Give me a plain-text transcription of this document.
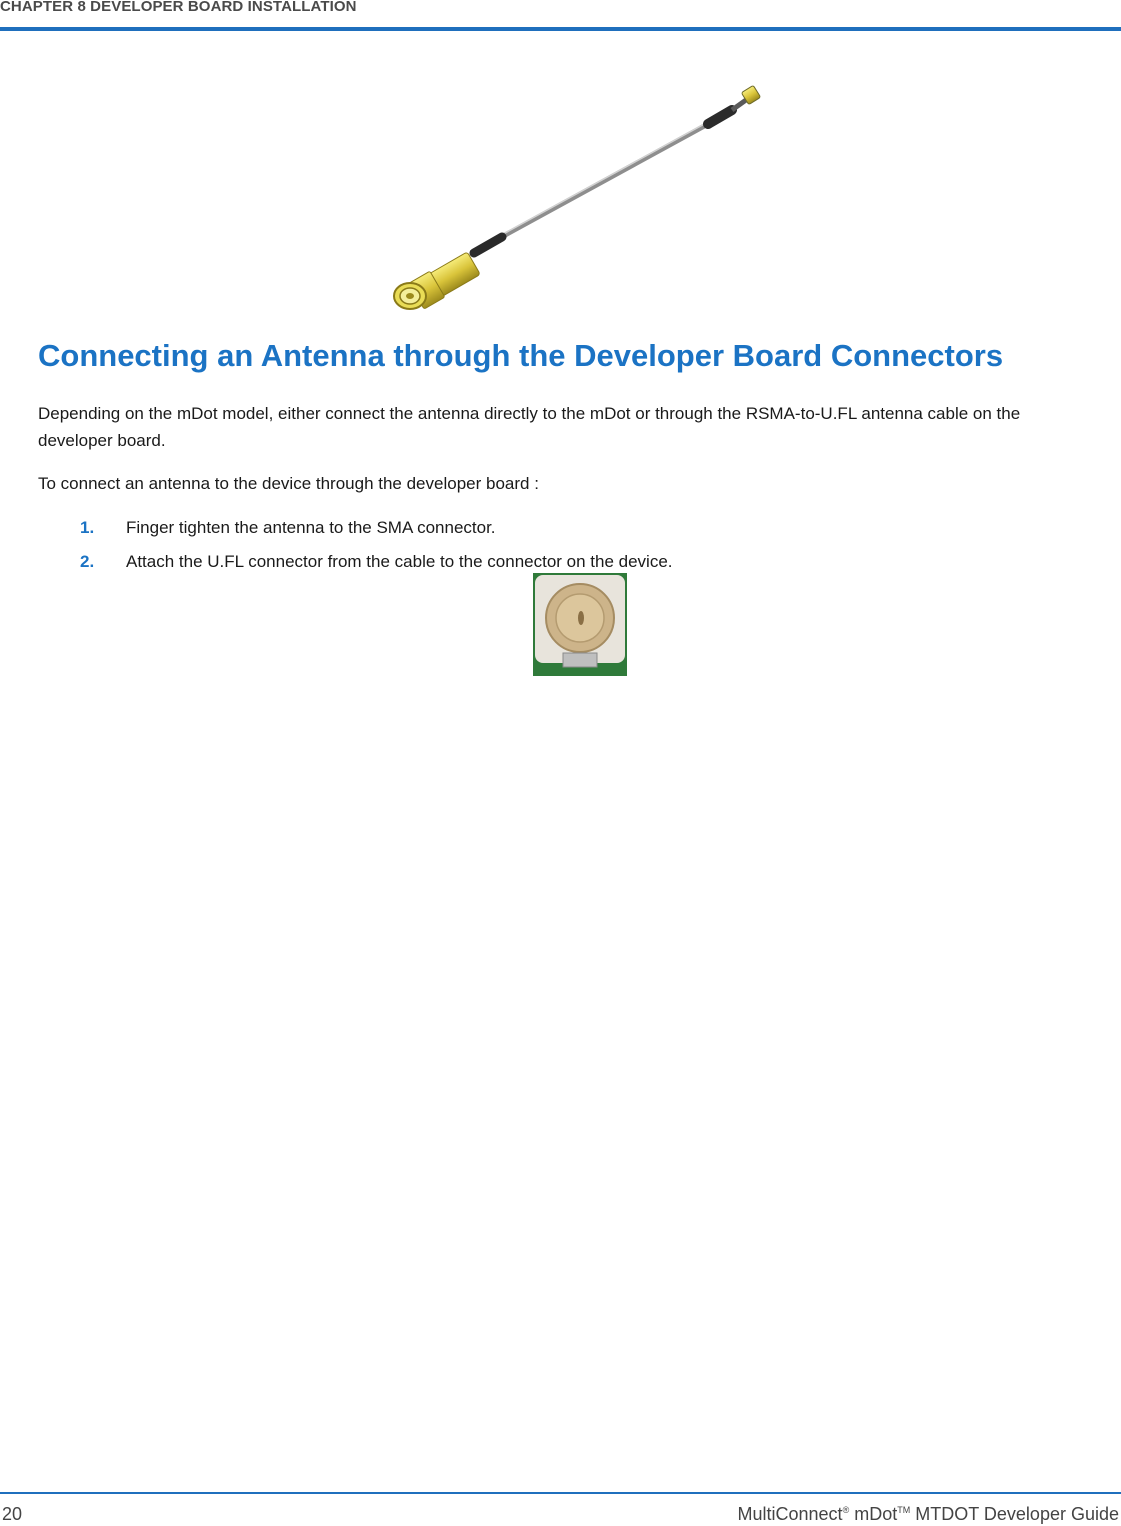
CHAPTER 8 DEVELOPER BOARD INSTALLATION
Connecting an Antenna through the Developer Board Connectors

Depending on the mDot model, either connect the antenna directly to the mDot or through the RSMA-to-U.FL antenna cable on the developer board.

To connect an antenna to the device through the developer board :

1. Finger tighten the antenna to the SMA connector.
2. Attach the U.FL connector from the cable to the connector on the device.
20	MultiConnect® mDot™ MTDOT Developer Guide
